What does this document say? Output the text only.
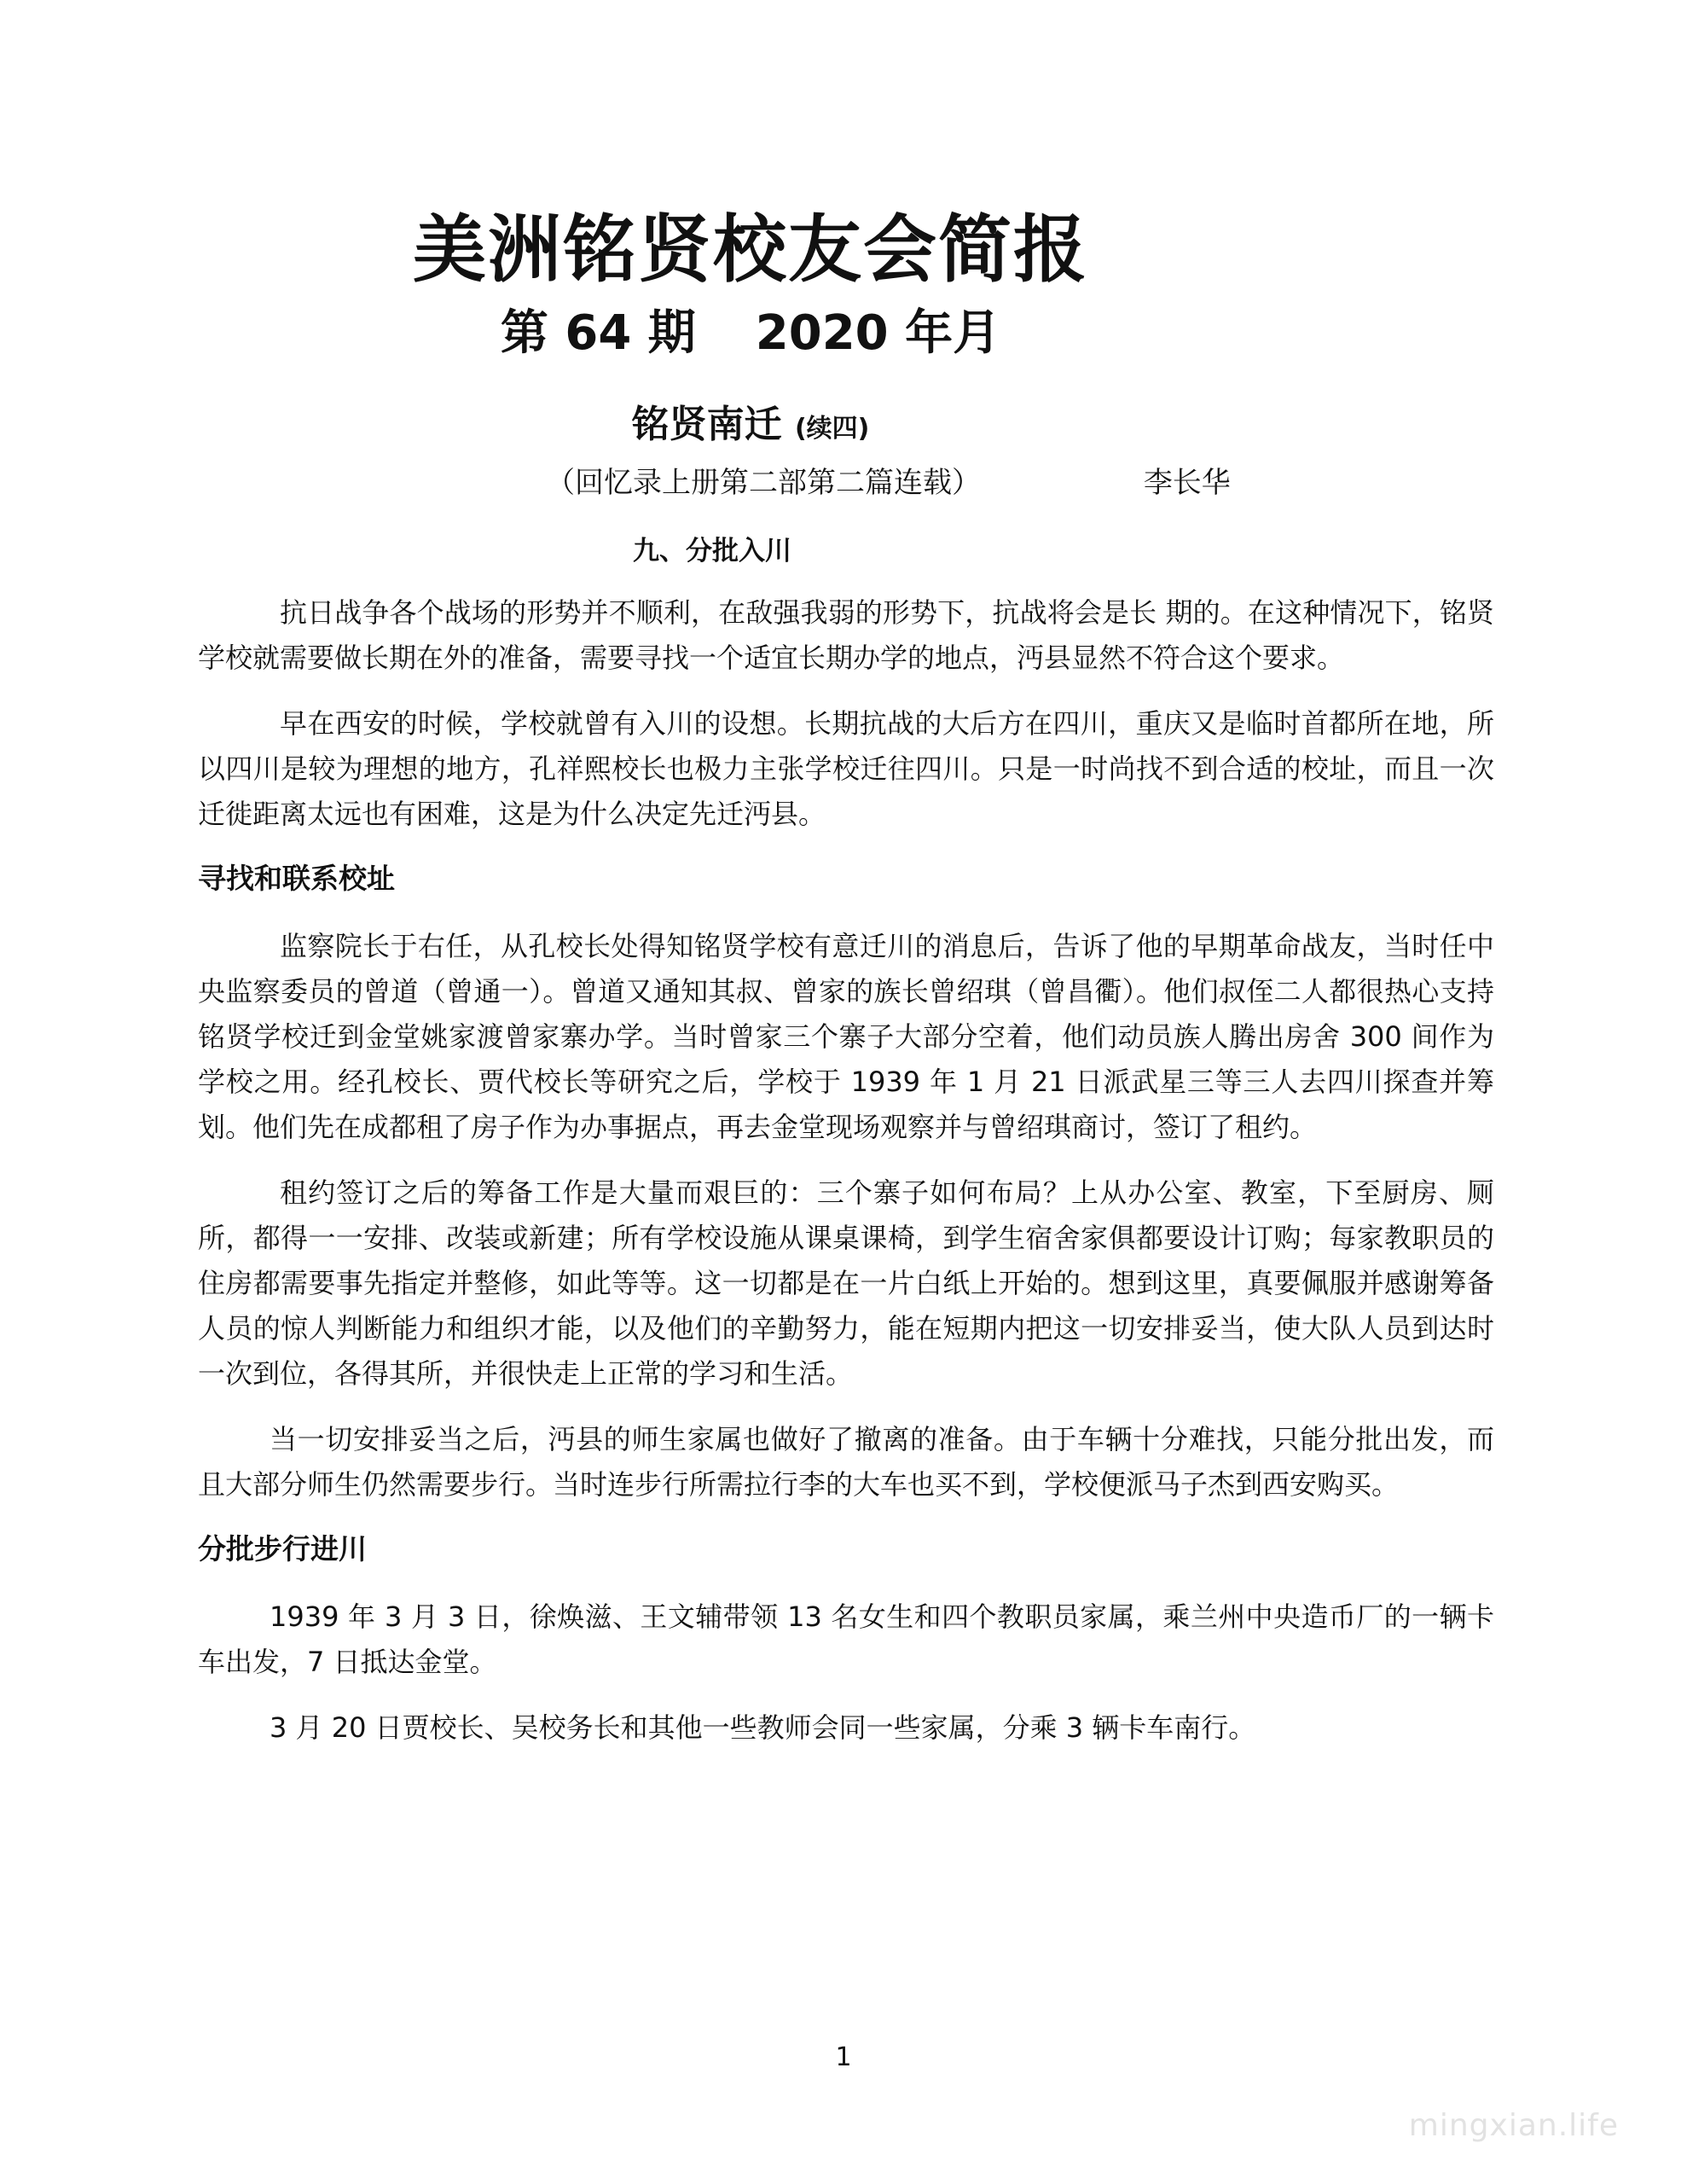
美洲铭贤校友会简报
第 64 期 2020 年月
铭贤南迁 (续四)
（回忆录上册第二部第二篇连载）	李长华
九、分批入川

抗日战争各个战场的形势并不顺利，在敌强我弱的形势下，抗战将会是长 期的。在这种情况下，铭贤学校就需要做长期在外的准备，需要寻找一个适宜长期办学的地点，沔县显然不符合这个要求。

早在西安的时候，学校就曾有入川的设想。长期抗战的大后方在四川，重庆又是临时首都所在地，所以四川是较为理想的地方，孔祥熙校长也极力主张学校迁往四川。只是一时尚找不到合适的校址，而且一次迁徙距离太远也有困难，这是为什么决定先迁沔县。

寻找和联系校址

监察院长于右任，从孔校长处得知铭贤学校有意迁川的消息后，告诉了他的早期革命战友，当时任中央监察委员的曾道（曾通一）。曾道又通知其叔、曾家的族长曾绍琪（曾昌衢）。他们叔侄二人都很热心支持铭贤学校迁到金堂姚家渡曾家寨办学。当时曾家三个寨子大部分空着，他们动员族人腾出房舍 300 间作为学校之用。经孔校长、贾代校长等研究之后，学校于 1939 年 1 月 21 日派武星三等三人去四川探查并筹划。他们先在成都租了房子作为办事据点，再去金堂现场观察并与曾绍琪商讨，签订了租约。

租约签订之后的筹备工作是大量而艰巨的：三个寨子如何布局？上从办公室、教室，下至厨房、厕所，都得一一安排、改装或新建；所有学校设施从课桌课椅，到学生宿舍家俱都要设计订购；每家教职员的住房都需要事先指定并整修，如此等等。这一切都是在一片白纸上开始的。想到这里，真要佩服并感谢筹备人员的惊人判断能力和组织才能，以及他们的辛勤努力，能在短期内把这一切安排妥当，使大队人员到达时一次到位，各得其所，并很快走上正常的学习和生活。

当一切安排妥当之后，沔县的师生家属也做好了撤离的准备。由于车辆十分难找，只能分批出发，而且大部分师生仍然需要步行。当时连步行所需拉行李的大车也买不到，学校便派马子杰到西安购买。

分批步行进川

1939 年 3 月 3 日，徐焕滋、王文辅带领 13 名女生和四个教职员家属，乘兰州中央造币厂的一辆卡车出发，7 日抵达金堂。

3 月 20 日贾校长、吴校务长和其他一些教师会同一些家属，分乘 3 辆卡车南行。

1
mingxian.life
